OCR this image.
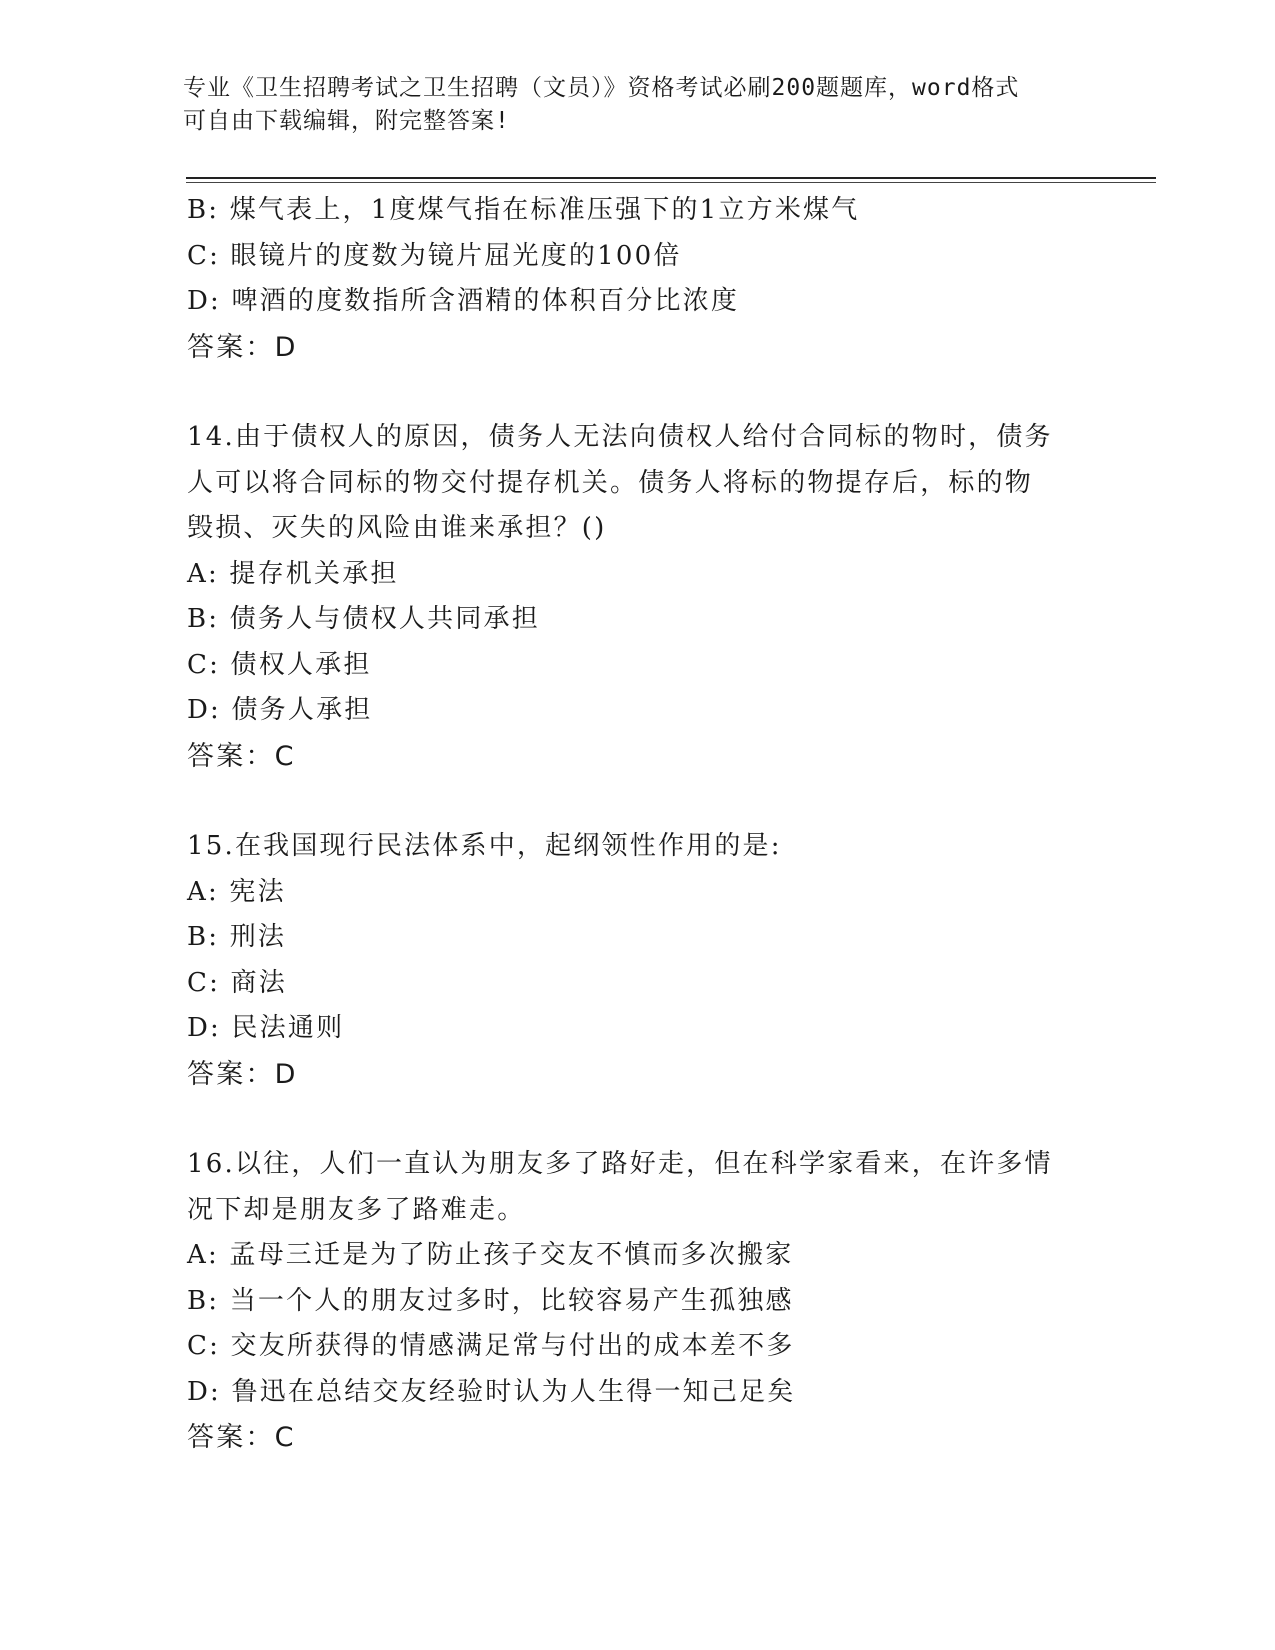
专业《卫生招聘考试之卫生招聘（文员）》资格考试必刷200题题库，word格式
可自由下载编辑，附完整答案!
B: 煤气表上，1度煤气指在标准压强下的1立方米煤气
C: 眼镜片的度数为镜片屈光度的100倍
D: 啤酒的度数指所含酒精的体积百分比浓度
答案：D
14.由于债权人的原因，债务人无法向债权人给付合同标的物时，债务
人可以将合同标的物交付提存机关。债务人将标的物提存后，标的物
毁损、灭失的风险由谁来承担？()
A: 提存机关承担
B: 债务人与债权人共同承担
C: 债权人承担
D: 债务人承担
答案：C
15.在我国现行民法体系中，起纲领性作用的是:
A: 宪法
B: 刑法
C: 商法
D: 民法通则
答案：D
16.以往，人们一直认为朋友多了路好走，但在科学家看来，在许多情
况下却是朋友多了路难走。
A: 孟母三迁是为了防止孩子交友不慎而多次搬家
B: 当一个人的朋友过多时，比较容易产生孤独感
C: 交友所获得的情感满足常与付出的成本差不多
D: 鲁迅在总结交友经验时认为人生得一知己足矣
答案：C
